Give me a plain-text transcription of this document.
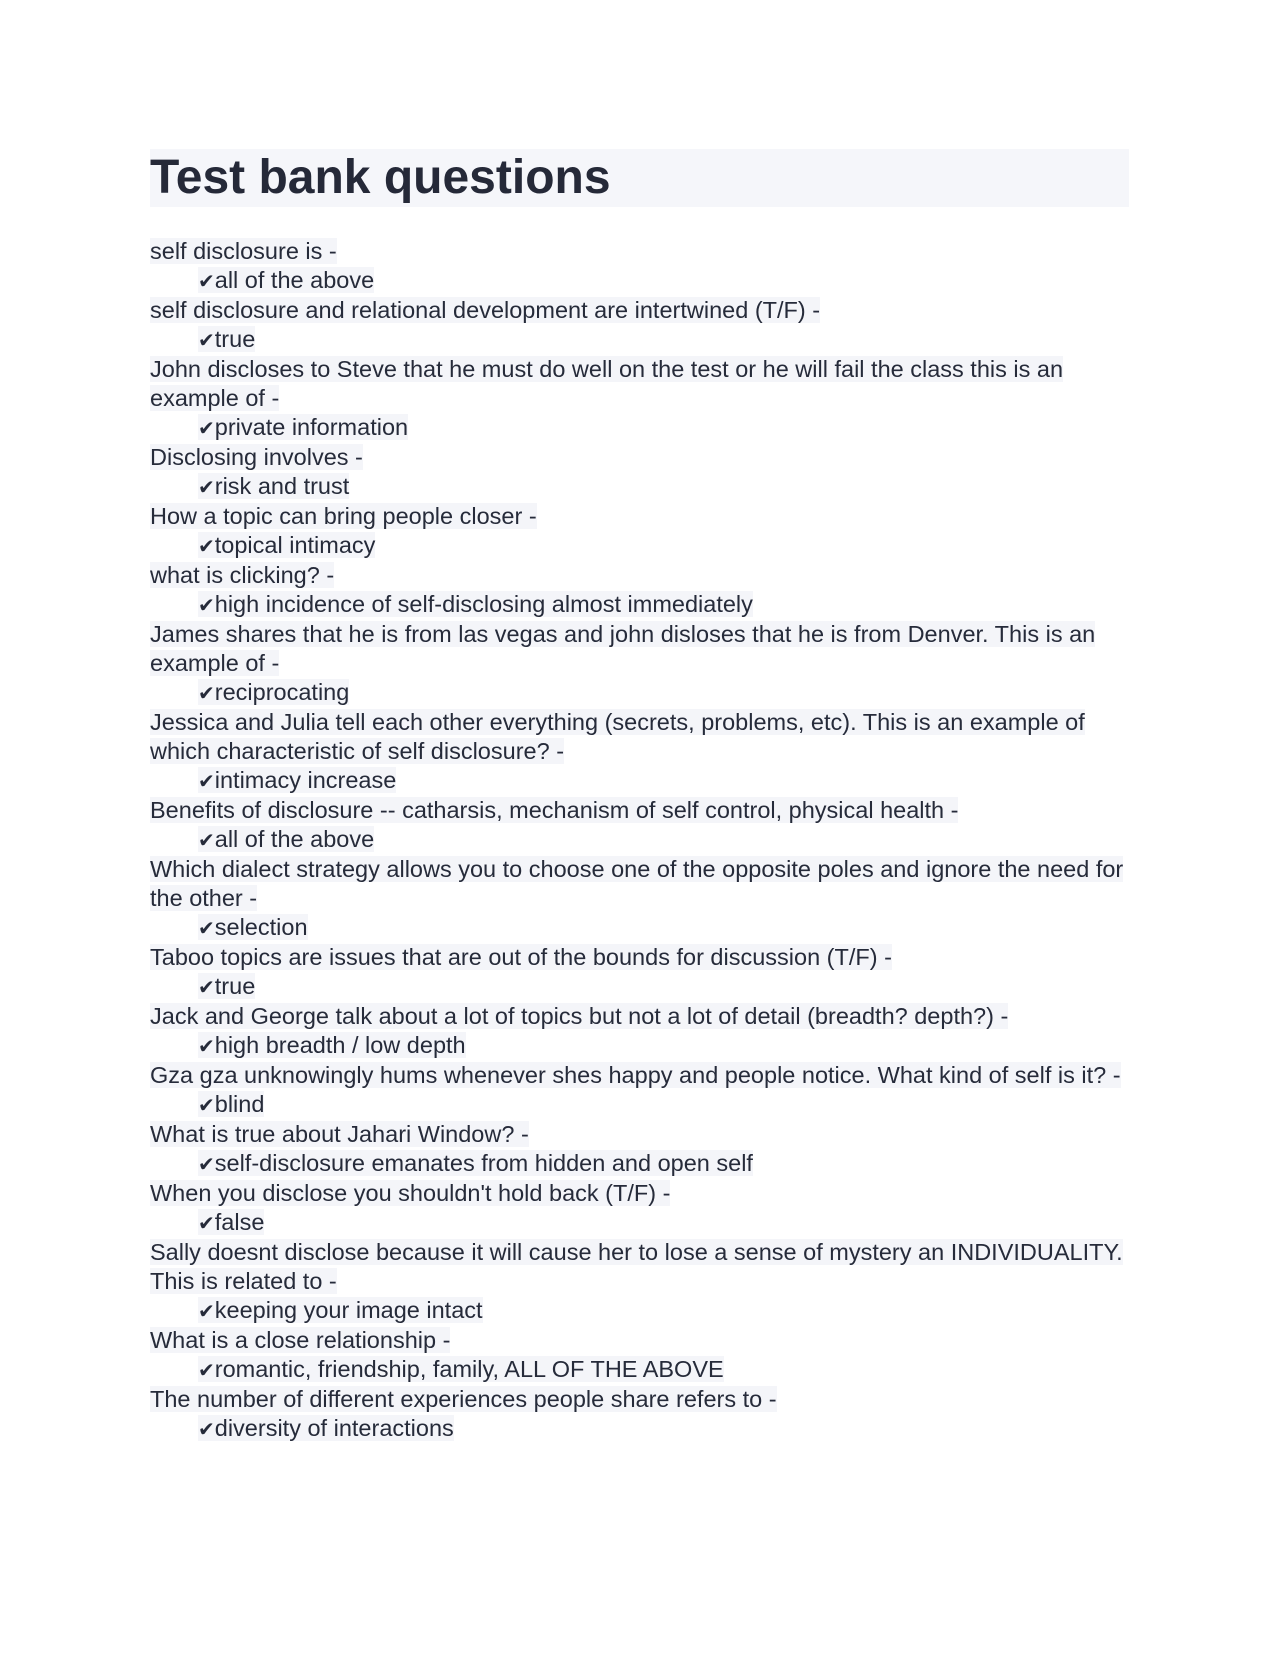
Test bank questions
self disclosure is -
✔all of the above
self disclosure and relational development are intertwined (T/F) -
✔true
John discloses to Steve that he must do well on the test or he will fail the class this is an example of -
✔private information
Disclosing involves -
✔risk and trust
How a topic can bring people closer -
✔topical intimacy
what is clicking? -
✔high incidence of self-disclosing almost immediately
James shares that he is from las vegas and john disloses that he is from Denver. This is an example of -
✔reciprocating
Jessica and Julia tell each other everything (secrets, problems, etc). This is an example of which characteristic of self disclosure? -
✔intimacy increase
Benefits of disclosure -- catharsis, mechanism of self control, physical health -
✔all of the above
Which dialect strategy allows you to choose one of the opposite poles and ignore the need for the other -
✔selection
Taboo topics are issues that are out of the bounds for discussion (T/F) -
✔true
Jack and George talk about a lot of topics but not a lot of detail (breadth? depth?) -
✔high breadth / low depth
Gza gza unknowingly hums whenever shes happy and people notice. What kind of self is it? -
✔blind
What is true about Jahari Window? -
✔self-disclosure emanates from hidden and open self
When you disclose you shouldn't hold back (T/F) -
✔false
Sally doesnt disclose because it will cause her to lose a sense of mystery an INDIVIDUALITY. This is related to -
✔keeping your image intact
What is a close relationship -
✔romantic, friendship, family, ALL OF THE ABOVE
The number of different experiences people share refers to -
✔diversity of interactions
